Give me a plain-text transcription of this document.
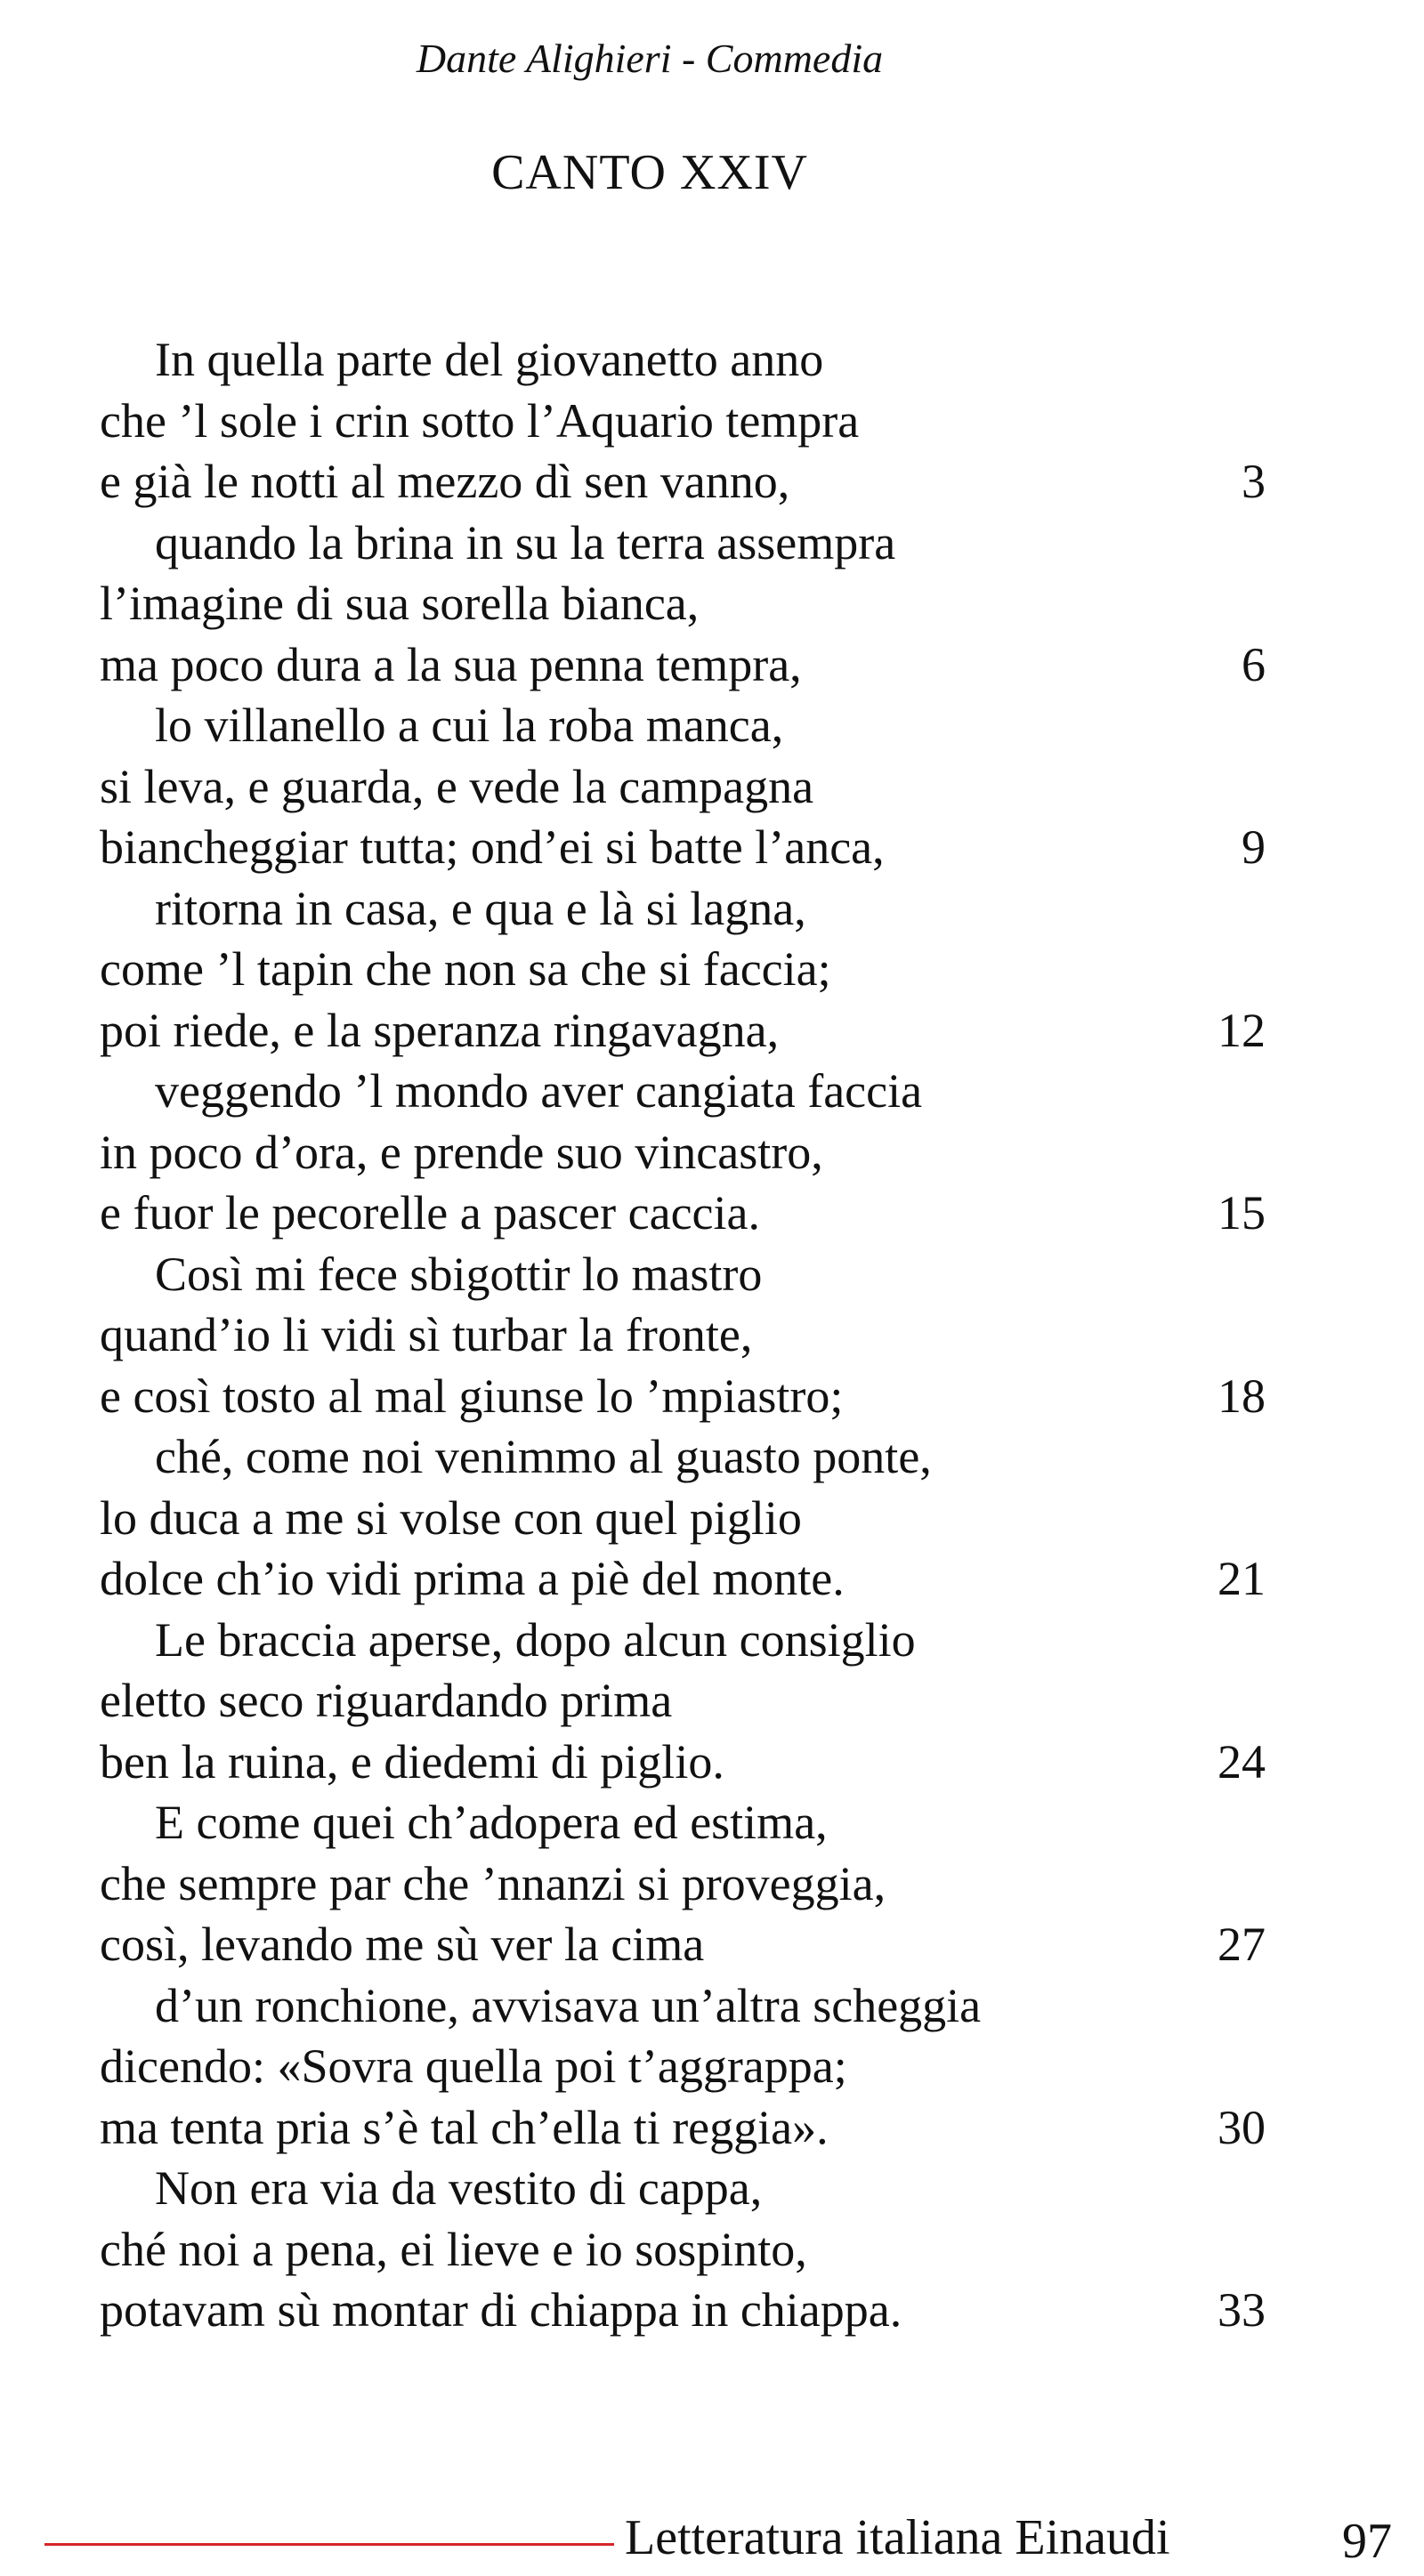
Dante Alighieri - Commedia
CANTO XXIV
In quella parte del giovanetto anno
che ’l sole i crin sotto l’Aquario tempra
e già le notti al mezzo dì sen vanno,	3
quando la brina in su la terra assempra
l’imagine di sua sorella bianca,
ma poco dura a la sua penna tempra,	6
lo villanello a cui la roba manca,
si leva, e guarda, e vede la campagna
biancheggiar tutta; ond’ei si batte l’anca,	9
ritorna in casa, e qua e là si lagna,
come ’l tapin che non sa che si faccia;
poi riede, e la speranza ringavagna,	12
veggendo ’l mondo aver cangiata faccia
in poco d’ora, e prende suo vincastro,
e fuor le pecorelle a pascer caccia.	15
Così mi fece sbigottir lo mastro
quand’io li vidi sì turbar la fronte,
e così tosto al mal giunse lo ’mpiastro;	18
ché, come noi venimmo al guasto ponte,
lo duca a me si volse con quel piglio
dolce ch’io vidi prima a piè del monte.	21
Le braccia aperse, dopo alcun consiglio
eletto seco riguardando prima
ben la ruina, e diedemi di piglio.	24
E come quei ch’adopera ed estima,
che sempre par che ’nnanzi si proveggia,
così, levando me sù ver la cima	27
d’un ronchione, avvisava un’altra scheggia
dicendo: «Sovra quella poi t’aggrappa;
ma tenta pria s’è tal ch’ella ti reggia».	30
Non era via da vestito di cappa,
ché noi a pena, ei lieve e io sospinto,
potavam sù montar di chiappa in chiappa.	33
Letteratura italiana Einaudi	97
